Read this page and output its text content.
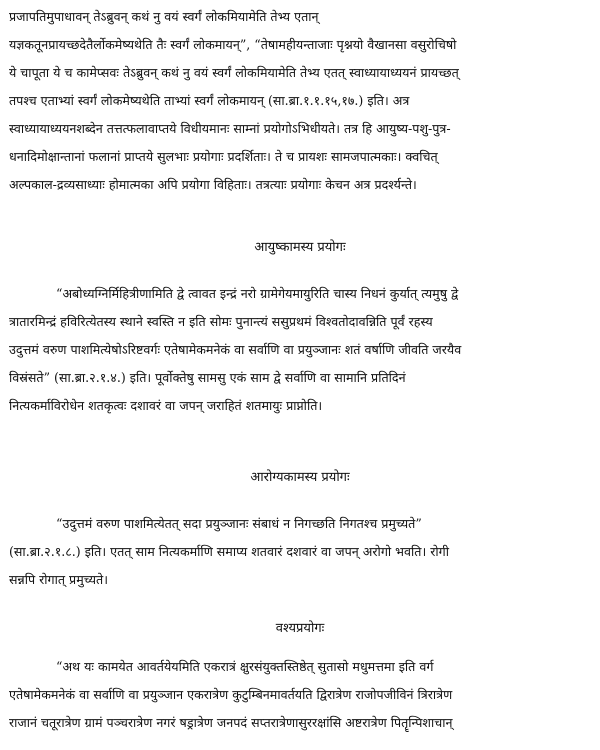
प्रजापतिमुपाधावन् तेऽब्रुवन् कथं नु वयं स्वर्गं लोकमियामेति तेभ्य एतान्
यज्ञकतूनप्रायच्छदेतैर्लोकमेष्यथेति तैः स्वर्गं लोकमायन्”, “तेषामहीयन्ताजाः पृश्नयो वैखानसा वसुरोचिषो
ये चापूता ये च कामेप्सवः तेऽब्रुवन् कथं नु वयं स्वर्गं लोकमियामेति तेभ्य एतत् स्वाध्यायाध्ययनं प्रायच्छत्
तपश्च एताभ्यां स्वर्गं लोकमेष्यथेति ताभ्यां स्वर्गं लोकमायन् (सा.ब्रा.१.१.१५,१७.) इति। अत्र
स्वाध्यायाध्ययनशब्देन तत्तत्फलावाप्तये विधीयमानः साम्नां प्रयोगोऽभिधीयते। तत्र हि आयुष्य-पशु-पुत्र-
धनादिमोक्षान्तानां फलानां प्राप्तये सुलभाः प्रयोगाः प्रदर्शिताः। ते च प्रायशः सामजपात्मकाः। क्वचित्
अल्पकाल-द्रव्यसाध्याः होमात्मका अपि प्रयोगा विहिताः। तत्रत्याः प्रयोगाः केचन अत्र प्रदर्श्यन्ते।
आयुष्कामस्य प्रयोगः
“अबोध्यग्निर्मिहित्रीणामिति द्वे त्वावत इन्द्रं नरो ग्रामेगेयमायुरिति चास्य निधनं कुर्यात् त्यमुषु द्वे
त्रातारमिन्द्रं हविरित्येतस्य स्थाने स्वस्ति न इति सोमः पुनान्त्यं ससुप्रथमं विश्वतोदावन्निति पूर्वं रहस्य
उदुत्तमं वरुण पाशमित्येषोऽरिष्टवर्गः एतेषामेकमनेकं वा सर्वाणि वा प्रयुञ्जानः शतं वर्षाणि जीवति जरयैव
विस्रंसते” (सा.ब्रा.२.१.४.) इति। पूर्वोक्तेषु सामसु एकं साम द्वे सर्वाणि वा सामानि प्रतिदिनं
नित्यकर्माविरोधेन शतकृत्वः दशावरं वा जपन् जराहितं शतमायुः प्राप्नोति।
आरोग्यकामस्य प्रयोगः
“उदुत्तमं वरुण पाशमित्येतत् सदा प्रयुञ्जानः संबाधं न निगच्छति निगतश्च प्रमुच्यते”
(सा.ब्रा.२.१.८.) इति। एतत् साम नित्यकर्माणि समाप्य शतवारं दशवारं वा जपन् अरोगो भवति। रोगी
सन्नपि रोगात् प्रमुच्यते।
वश्यप्रयोगः
“अथ यः कामयेत आवर्तयेयमिति एकरात्रं क्षुरसंयुक्तस्तिष्ठेत् सुतासो मधुमत्तमा इति वर्ग
एतेषामेकमनेकं वा सर्वाणि वा प्रयुञ्जान एकरात्रेण कुटुम्बिनमावर्तयति द्विरात्रेण राजोपजीविनं त्रिरात्रेण
राजानं चतूरात्रेण ग्रामं पञ्चरात्रेण नगरं षड्रात्रेण जनपदं सप्तरात्रेणासुररक्षांसि अष्टरात्रेण पितॄन्पिशाचान्
